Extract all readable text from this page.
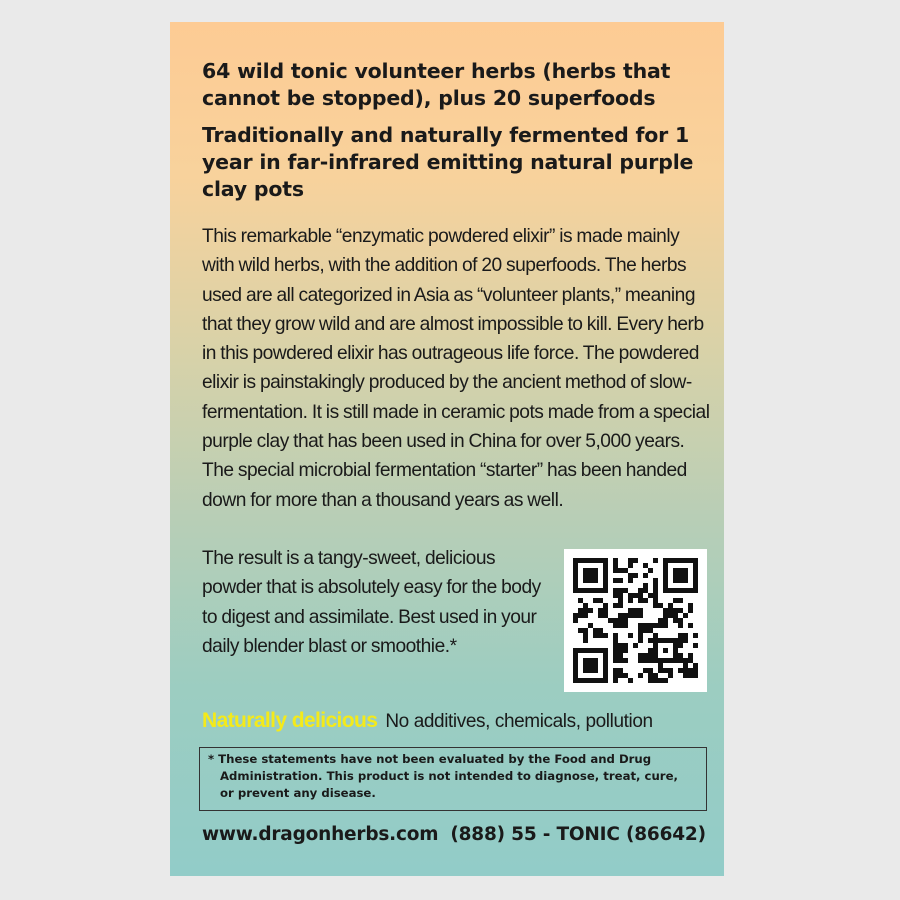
64 wild tonic volunteer herbs (herbs that cannot be stopped), plus 20 superfoods
Traditionally and naturally fermented for 1 year in far-infrared emitting natural purple clay pots
This remarkable “enzymatic powdered elixir” is made mainly with wild herbs, with the addition of 20 superfoods. The herbs used are all categorized in Asia as “volunteer plants,” meaning that they grow wild and are almost impossible to kill. Every herb in this powdered elixir has outrageous life force. The powdered elixir is painstakingly produced by the ancient method of slow-fermentation. It is still made in ceramic pots made from a special purple clay that has been used in China for over 5,000 years. The special microbial fermentation “starter” has been handed down for more than a thousand years as well.
The result is a tangy-sweet, delicious powder that is absolutely easy for the body to digest and assimilate. Best used in your daily blender blast or smoothie.*
Naturally delicious No additives, chemicals, pollution
* These statements have not been evaluated by the Food and Drug
Administration. This product is not intended to diagnose, treat, cure,
or prevent any disease.
www.dragonherbs.com (888) 55 - TONIC (86642)
